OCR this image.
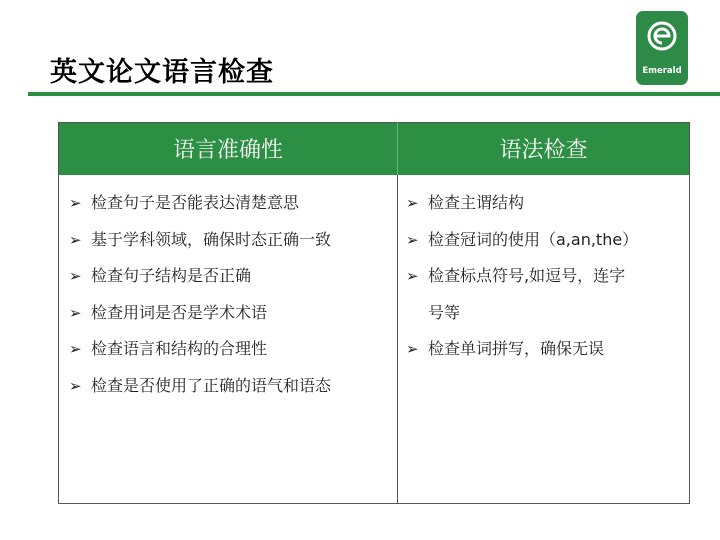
英文论文语言检查	Emerald
语言准确性	语法检查
➢ 检查句子是否能表达清楚意思
➢ 基于学科领域，确保时态正确一致
➢ 检查句子结构是否正确
➢ 检查用词是否是学术术语
➢ 检查语言和结构的合理性
➢ 检查是否使用了正确的语气和语态
➢ 检查主谓结构
➢ 检查冠词的使用（a,an,the）
➢ 检查标点符号,如逗号，连字
号等
➢ 检查单词拼写，确保无误
